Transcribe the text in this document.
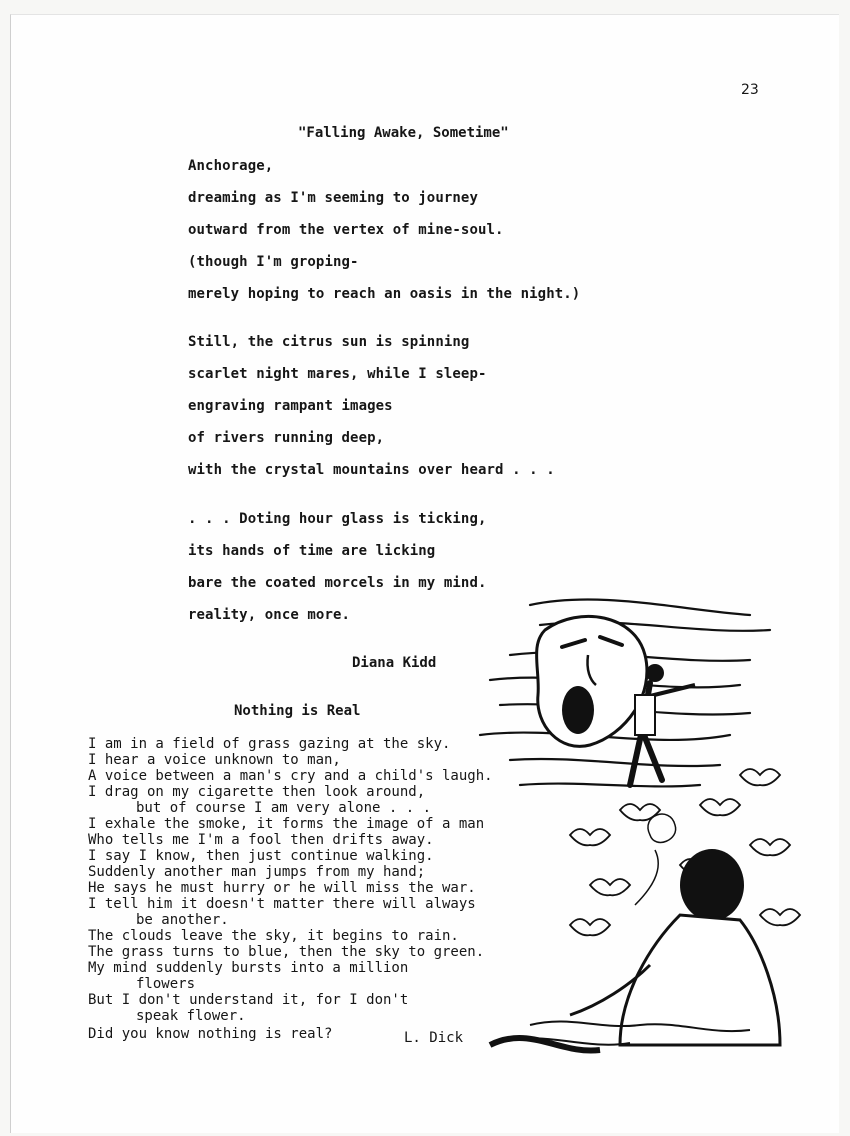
23
"Falling Awake, Sometime"
Anchorage,
dreaming as I'm seeming to journey
outward from the vertex of mine-soul.
(though I'm groping-
merely hoping to reach an oasis in the night.)
Still, the citrus sun is spinning
scarlet night mares, while I sleep-
engraving rampant images
of rivers running deep,
with the crystal mountains over heard . . .
. . . Doting hour glass is ticking,
its hands of time are licking
bare the coated morcels in my mind.
reality, once more.
Diana Kidd
Nothing is Real
I am in a field of grass gazing at the sky.
I hear a voice unknown to man,
A voice between a man's cry and a child's laugh.
I drag on my cigarette then look around,
but of course I am very alone . . .
I exhale the smoke, it forms the image of a man
Who tells me I'm a fool then drifts away.
I say I know, then just continue walking.
Suddenly another man jumps from my hand;
He says he must hurry or he will miss the war.
I tell him it doesn't matter there will always
be another.
The clouds leave the sky, it begins to rain.
The grass turns to blue, then the sky to green.
My mind suddenly bursts into a million
flowers
But I don't understand it, for I don't
speak flower.
Did you know nothing is real?	L. Dick
